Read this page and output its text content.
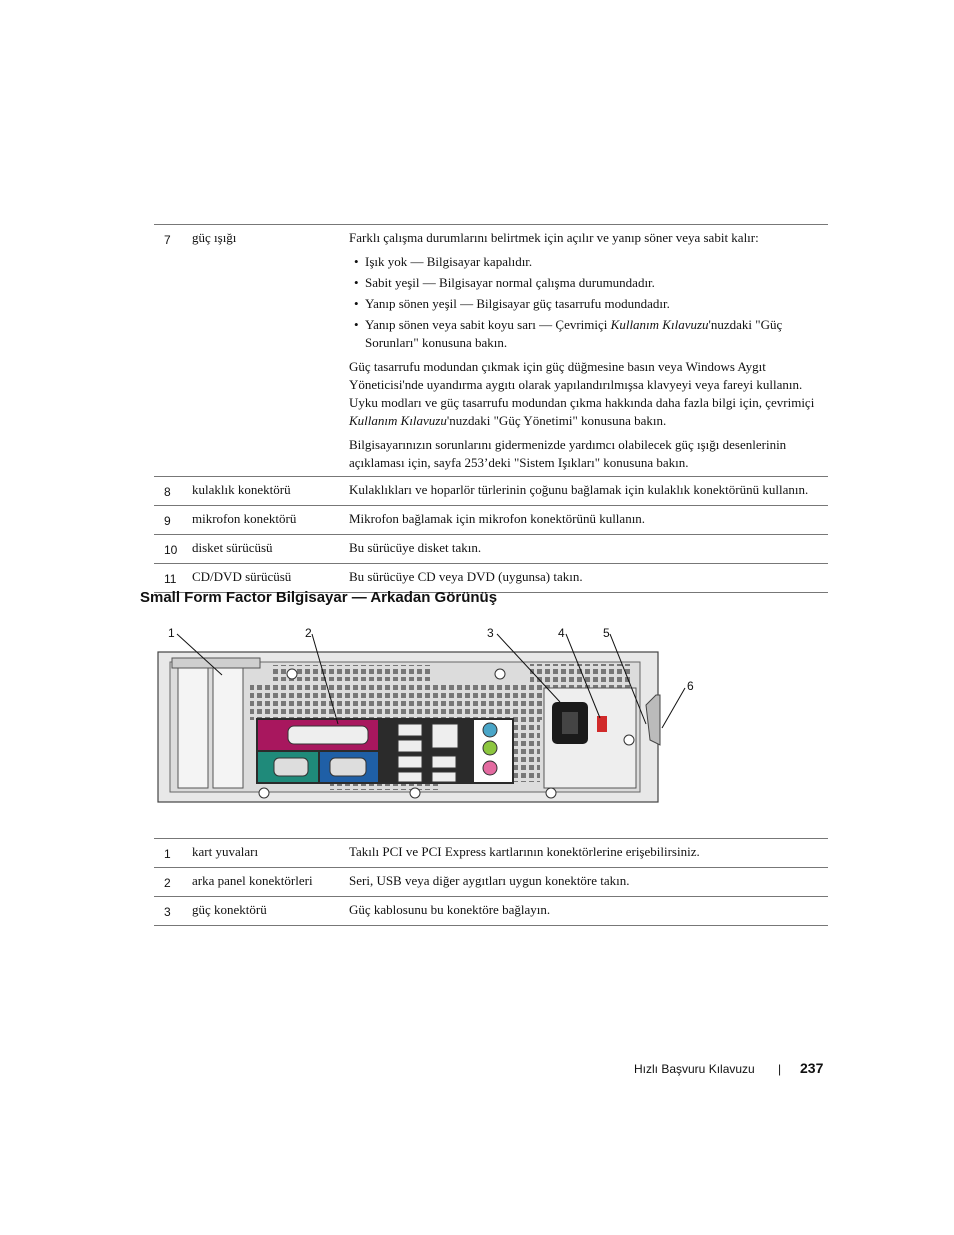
7	güç ışığı	Farklı çalışma durumlarını belirtmek için açılır ve yanıp söner veya sabit kalır:

• Işık yok — Bilgisayar kapalıdır.
• Sabit yeşil — Bilgisayar normal çalışma durumundadır.
• Yanıp sönen yeşil — Bilgisayar güç tasarrufu modundadır.
• Yanıp sönen veya sabit koyu sarı — Çevrimiçi Kullanım Kılavuzu'nuzdaki "Güç Sorunları" konusuna bakın.

Güç tasarrufu modundan çıkmak için güç düğmesine basın veya Windows Aygıt Yöneticisi'nde uyandırma aygıtı olarak yapılandırılmışsa klavyeyi veya fareyi kullanın. Uyku modları ve güç tasarrufu modundan çıkma hakkında daha fazla bilgi için, çevrimiçi Kullanım Kılavuzu'nuzdaki "Güç Yönetimi" konusuna bakın.

Bilgisayarınızın sorunlarını gidermenizde yardımcı olabilecek güç ışığı desenlerinin açıklaması için, sayfa 253’deki "Sistem Işıkları" konusuna bakın.

8	kulaklık konektörü	Kulaklıkları ve hoparlör türlerinin çoğunu bağlamak için kulaklık konektörünü kullanın.
9	mikrofon konektörü	Mikrofon bağlamak için mikrofon konektörünü kullanın.
10	disket sürücüsü	Bu sürücüye disket takın.
11	CD/DVD sürücüsü	Bu sürücüye CD veya DVD (uygunsa) takın.
Small Form Factor Bilgisayar — Arkadan Görünüş
1	2	3	4	5
6
1	kart yuvaları	Takılı PCI ve PCI Express kartlarının konektörlerine erişebilirsiniz.
2	arka panel konektörleri	Seri, USB veya diğer aygıtları uygun konektöre takın.
3	güç konektörü	Güç kablosunu bu konektöre bağlayın.
Hızlı Başvuru Kılavuzu | 237
